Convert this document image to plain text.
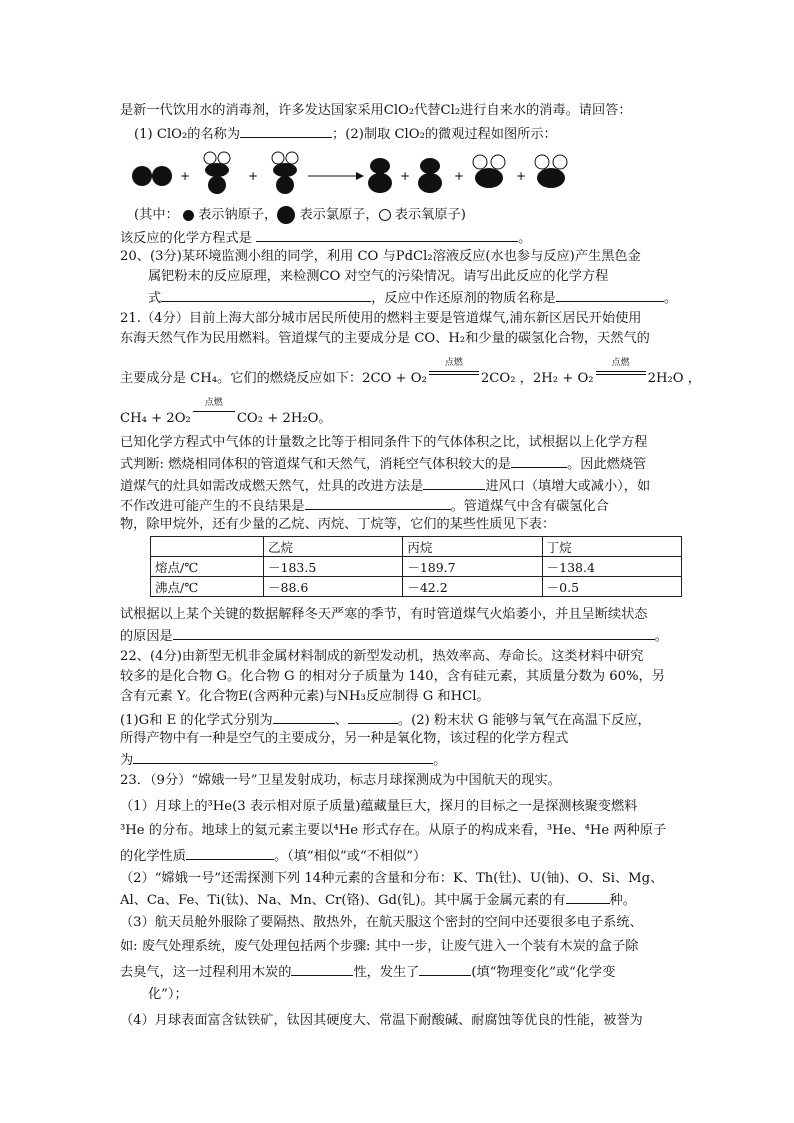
是新一代饮用水的消毒剂，许多发达国家采用ClO₂代替Cl₂进行自来水的消毒。请回答：
(1) ClO₂的名称为	；(2)制取 ClO₂的微观过程如图所示：
+	+	+	+	+
(其中： 表示钠原子， 表示氯原子， 表示氧原子)
该反应的化学方程式是	。
20、(3分)某环境监测小组的同学，利用 CO 与PdCl₂溶液反应(水也参与反应)产生黑色金
属钯粉末的反应原理，来检测CO 对空气的污染情况。请写出此反应的化学方程
式	，反应中作还原剂的物质名称是	。
21.（4分）目前上海大部分城市居民所使用的燃料主要是管道煤气,浦东新区居民开始使用
东海天然气作为民用燃料。管道煤气的主要成分是 CO、H₂和少量的碳氢化合物，天然气的
主要成分是 CH₄。它们的燃烧反应如下：2CO + O₂
点燃
2CO₂ ，2H₂ + O₂
点燃
2H₂O ，
CH₄ + 2O₂
点燃
CO₂ + 2H₂O。
已知化学方程式中气体的计量数之比等于相同条件下的气体体积之比，试根据以上化学方程
式判断: 燃烧相同体积的管道煤气和天然气，消耗空气体积较大的是	。因此燃烧管
道煤气的灶具如需改成燃天然气，灶具的改进方法是	进风口（填增大或减小），如
不作改进可能产生的不良结果是	。管道煤气中含有碳氢化合
物，除甲烷外，还有少量的乙烷、丙烷、丁烷等，它们的某些性质见下表：
	乙烷	丙烷	丁烷
熔点/℃	－183.5	－189.7	－138.4
沸点/℃	－88.6	－42.2	－0.5
试根据以上某个关键的数据解释冬天严寒的季节，有时管道煤气火焰萎小，并且呈断续状态
的原因是	。
22、(4分)由新型无机非金属材料制成的新型发动机，热效率高、寿命长。这类材料中研究
较多的是化合物 G。化合物 G 的相对分子质量为 140，含有硅元素，其质量分数为 60%，另
含有元素 Y。化合物E(含两种元素)与NH₃反应制得 G 和HCl。
(1)G和 E 的化学式分别为	、	。(2) 粉末状 G 能够与氧气在高温下反应，
所得产物中有一种是空气的主要成分，另一种是氧化物，该过程的化学方程式
为	。
23．（9分）“嫦娥一号”卫星发射成功，标志月球探测成为中国航天的现实。
（1）月球上的³He(3 表示相对原子质量)蕴藏量巨大，探月的目标之一是探测核聚变燃料
³He 的分布。地球上的氦元素主要以⁴He 形式存在。从原子的构成来看，³He、⁴He 两种原子
的化学性质	。（填“相似”或“不相似”）
（2）“嫦娥一号”还需探测下列 14种元素的含量和分布：K、Th(钍)、U(铀)、O、Si、Mg、
Al、Ca、Fe、Ti(钛)、Na、Mn、Cr(铬)、Gd(钆)。其中属于金属元素的有	种。
（3）航天员舱外服除了要隔热、散热外，在航天服这个密封的空间中还要很多电子系统、
如: 废气处理系统，废气处理包括两个步骤: 其中一步，让废气进入一个装有木炭的盒子除
去臭气，这一过程利用木炭的	性，发生了	(填“物理变化”或“化学变
化”）；
（4）月球表面富含钛铁矿，钛因其硬度大、常温下耐酸碱、耐腐蚀等优良的性能，被誉为
